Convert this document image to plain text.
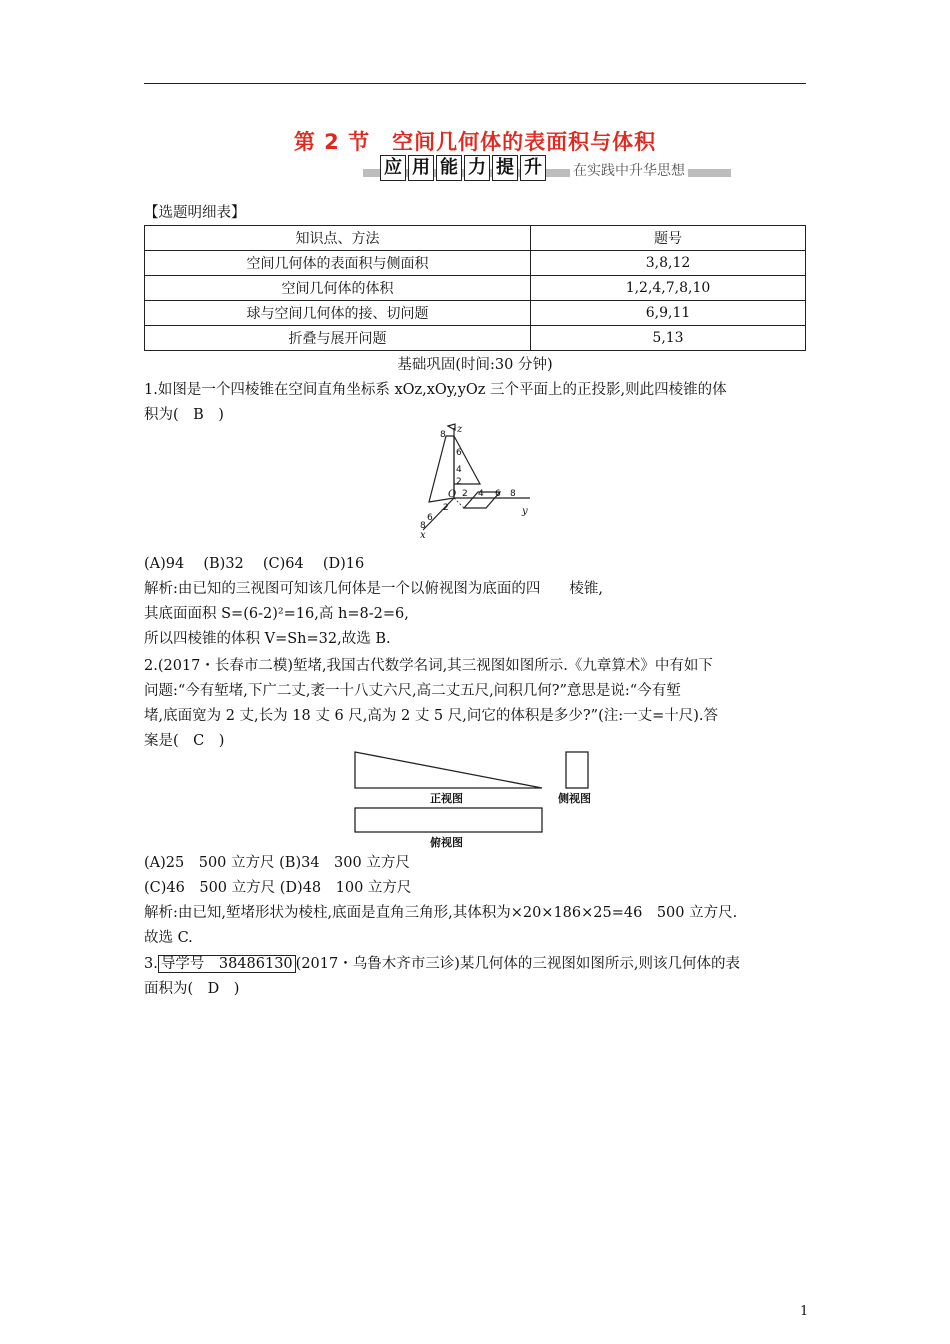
第 2 节　空间几何体的表面积与体积
应 用 能 力 提 升 在实践中升华思想
【选题明细表】
知识点、方法	题号
空间几何体的表面积与侧面积	3,8,12
空间几何体的体积	1,2,4,7,8,10
球与空间几何体的接、切问题	6,9,11
折叠与展开问题	5,13
基础巩固(时间:30 分钟)
1.如图是一个四棱锥在空间直角坐标系 xOz,xOy,yOz 三个平面上的正投影,则此四棱锥的体
积为(　B　)
z
y
x
O
8
6
4
2
2 4 6 8
2
6
8
(A)94　 (B)32　 (C)64　 (D)16
解析:由已知的三视图可知该几何体是一个以俯视图为底面的四　　棱锥,
其底面面积 S=(6-2)²=16,高 h=8-2=6,
所以四棱锥的体积 V=Sh=32,故选 B.
2.(2017・长春市二模)堑堵,我国古代数学名词,其三视图如图所示.《九章算术》中有如下
问题:“今有堑堵,下广二丈,袤一十八丈六尺,高二丈五尺,问积几何?”意思是说:“今有堑
堵,底面宽为 2 丈,长为 18 丈 6 尺,高为 2 丈 5 尺,问它的体积是多少?”(注:一丈=十尺).答
案是(　C　)
正视图	侧视图
俯视图
(A)25　500 立方尺 (B)34　300 立方尺
(C)46　500 立方尺 (D)48　100 立方尺
解析:由已知,堑堵形状为棱柱,底面是直角三角形,其体积为×20×186×25=46　500 立方尺.
故选 C.
3. 导学号　38486130 (2017・乌鲁木齐市三诊)某几何体的三视图如图所示,则该几何体的表
面积为(　D　)
1
